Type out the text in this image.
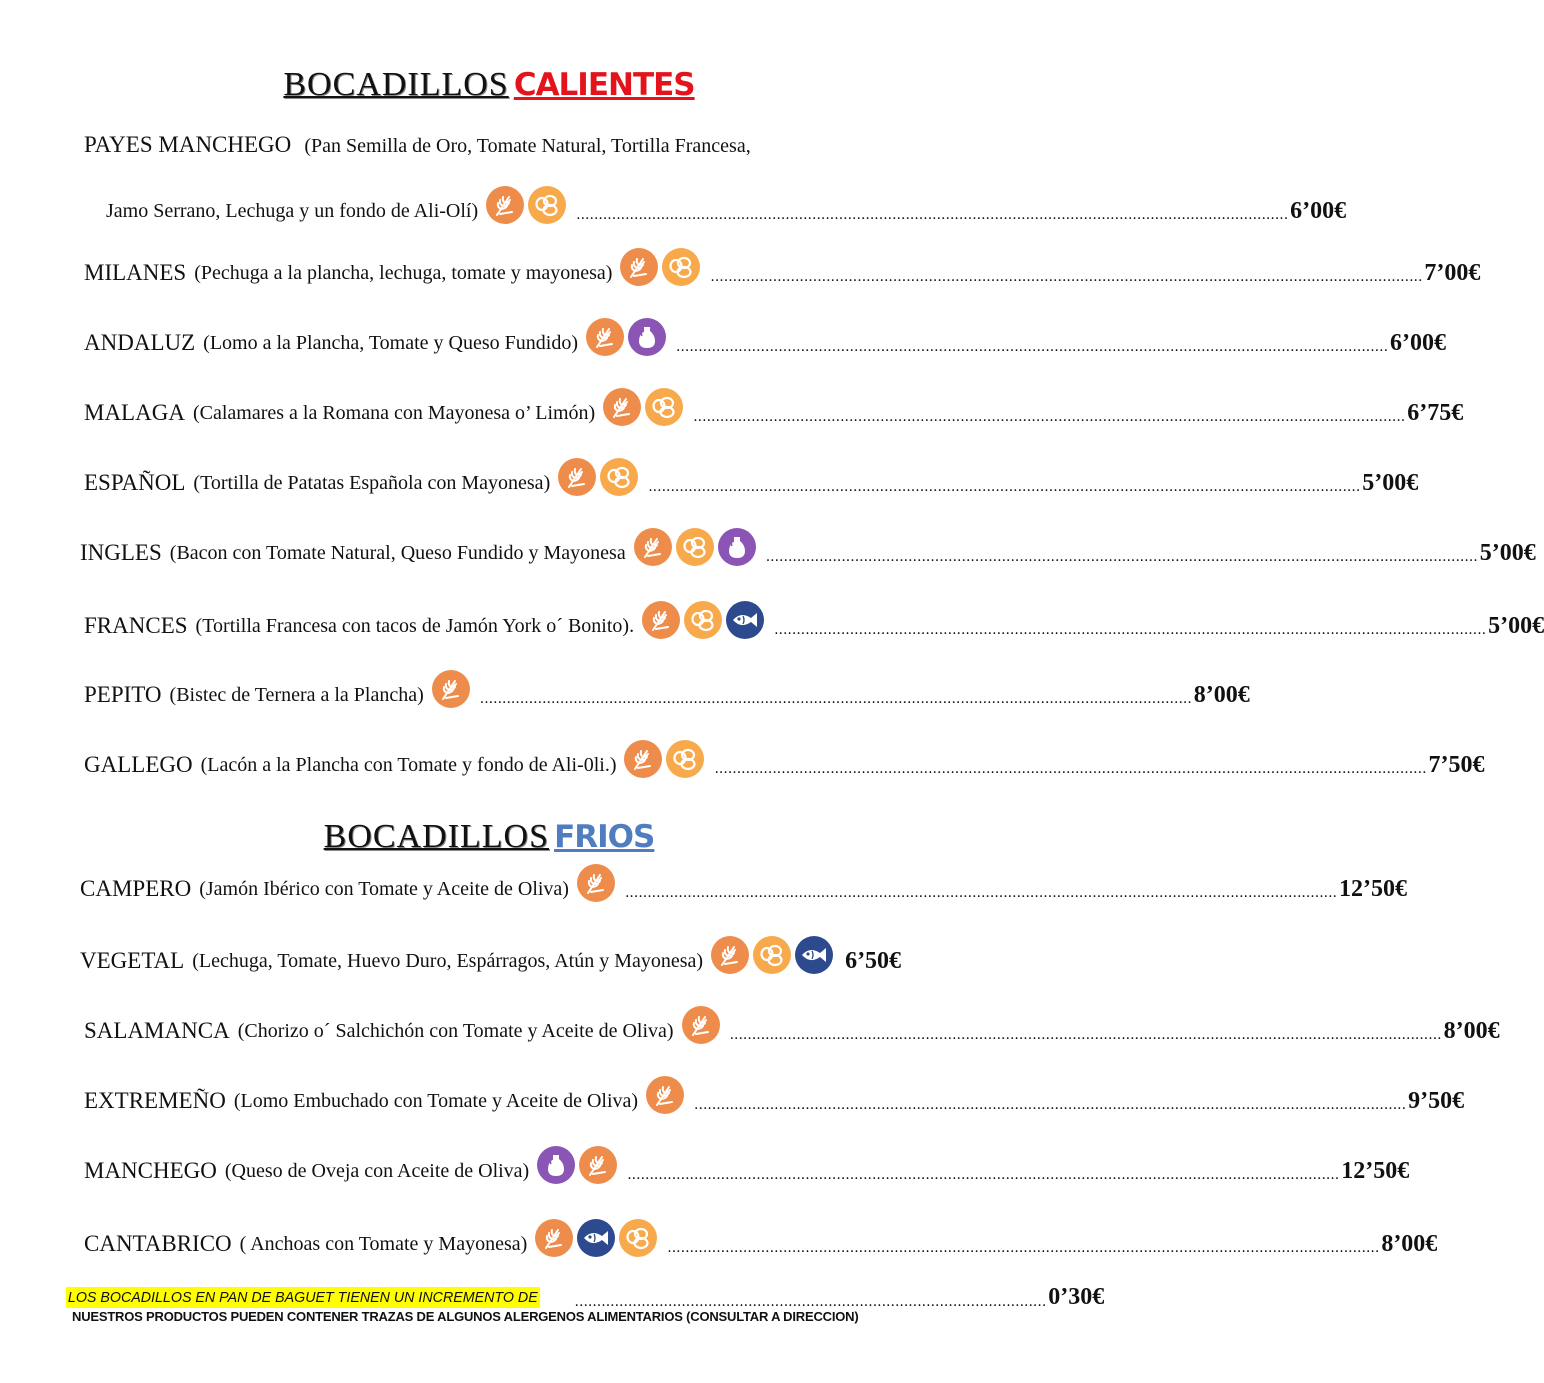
BOCADILLOS CALIENTES
PAYES MANCHEGO (Pan Semilla de Oro, Tomate Natural, Tortilla Francesa,
BOCADILLOS FRIOS
Jamo Serrano, Lechuga y un fondo de Ali-Olí)	................................................................................................................................................................ 6’00€
MILANES (Pechuga a la plancha, lechuga, tomate y mayonesa)	................................................................................................................................................................ 7’00€
ANDALUZ (Lomo a la Plancha, Tomate y Queso Fundido)	................................................................................................................................................................ 6’00€
MALAGA (Calamares a la Romana con Mayonesa o’ Limón)	................................................................................................................................................................ 6’75€
ESPAÑOL (Tortilla de Patatas Española con Mayonesa)	................................................................................................................................................................ 5’00€
INGLES (Bacon con Tomate Natural, Queso Fundido y Mayonesa	................................................................................................................................................................ 5’00€
FRANCES (Tortilla Francesa con tacos de Jamón York o´ Bonito).	................................................................................................................................................................ 5’00€
PEPITO (Bistec de Ternera a la Plancha)	................................................................................................................................................................ 8’00€
GALLEGO (Lacón a la Plancha con Tomate y fondo de Ali-0li.)	................................................................................................................................................................ 7’50€
CAMPERO (Jamón Ibérico con Tomate y Aceite de Oliva)	................................................................................................................................................................ 12’50€
VEGETAL (Lechuga, Tomate, Huevo Duro, Espárragos, Atún y Mayonesa)	6’50€
SALAMANCA (Chorizo o´ Salchichón con Tomate y Aceite de Oliva)	................................................................................................................................................................ 8’00€
EXTREMEÑO (Lomo Embuchado con Tomate y Aceite de Oliva)	................................................................................................................................................................ 9’50€
MANCHEGO (Queso de Oveja con Aceite de Oliva)	................................................................................................................................................................ 12’50€
CANTABRICO ( Anchoas con Tomate y Mayonesa)	................................................................................................................................................................ 8’00€
LOS BOCADILLOS EN PAN DE BAGUET TIENEN UN INCREMENTO DE	.......................................................................................................... 0’30€
NUESTROS PRODUCTOS PUEDEN CONTENER TRAZAS DE ALGUNOS ALERGENOS ALIMENTARIOS (CONSULTAR A DIRECCION)
